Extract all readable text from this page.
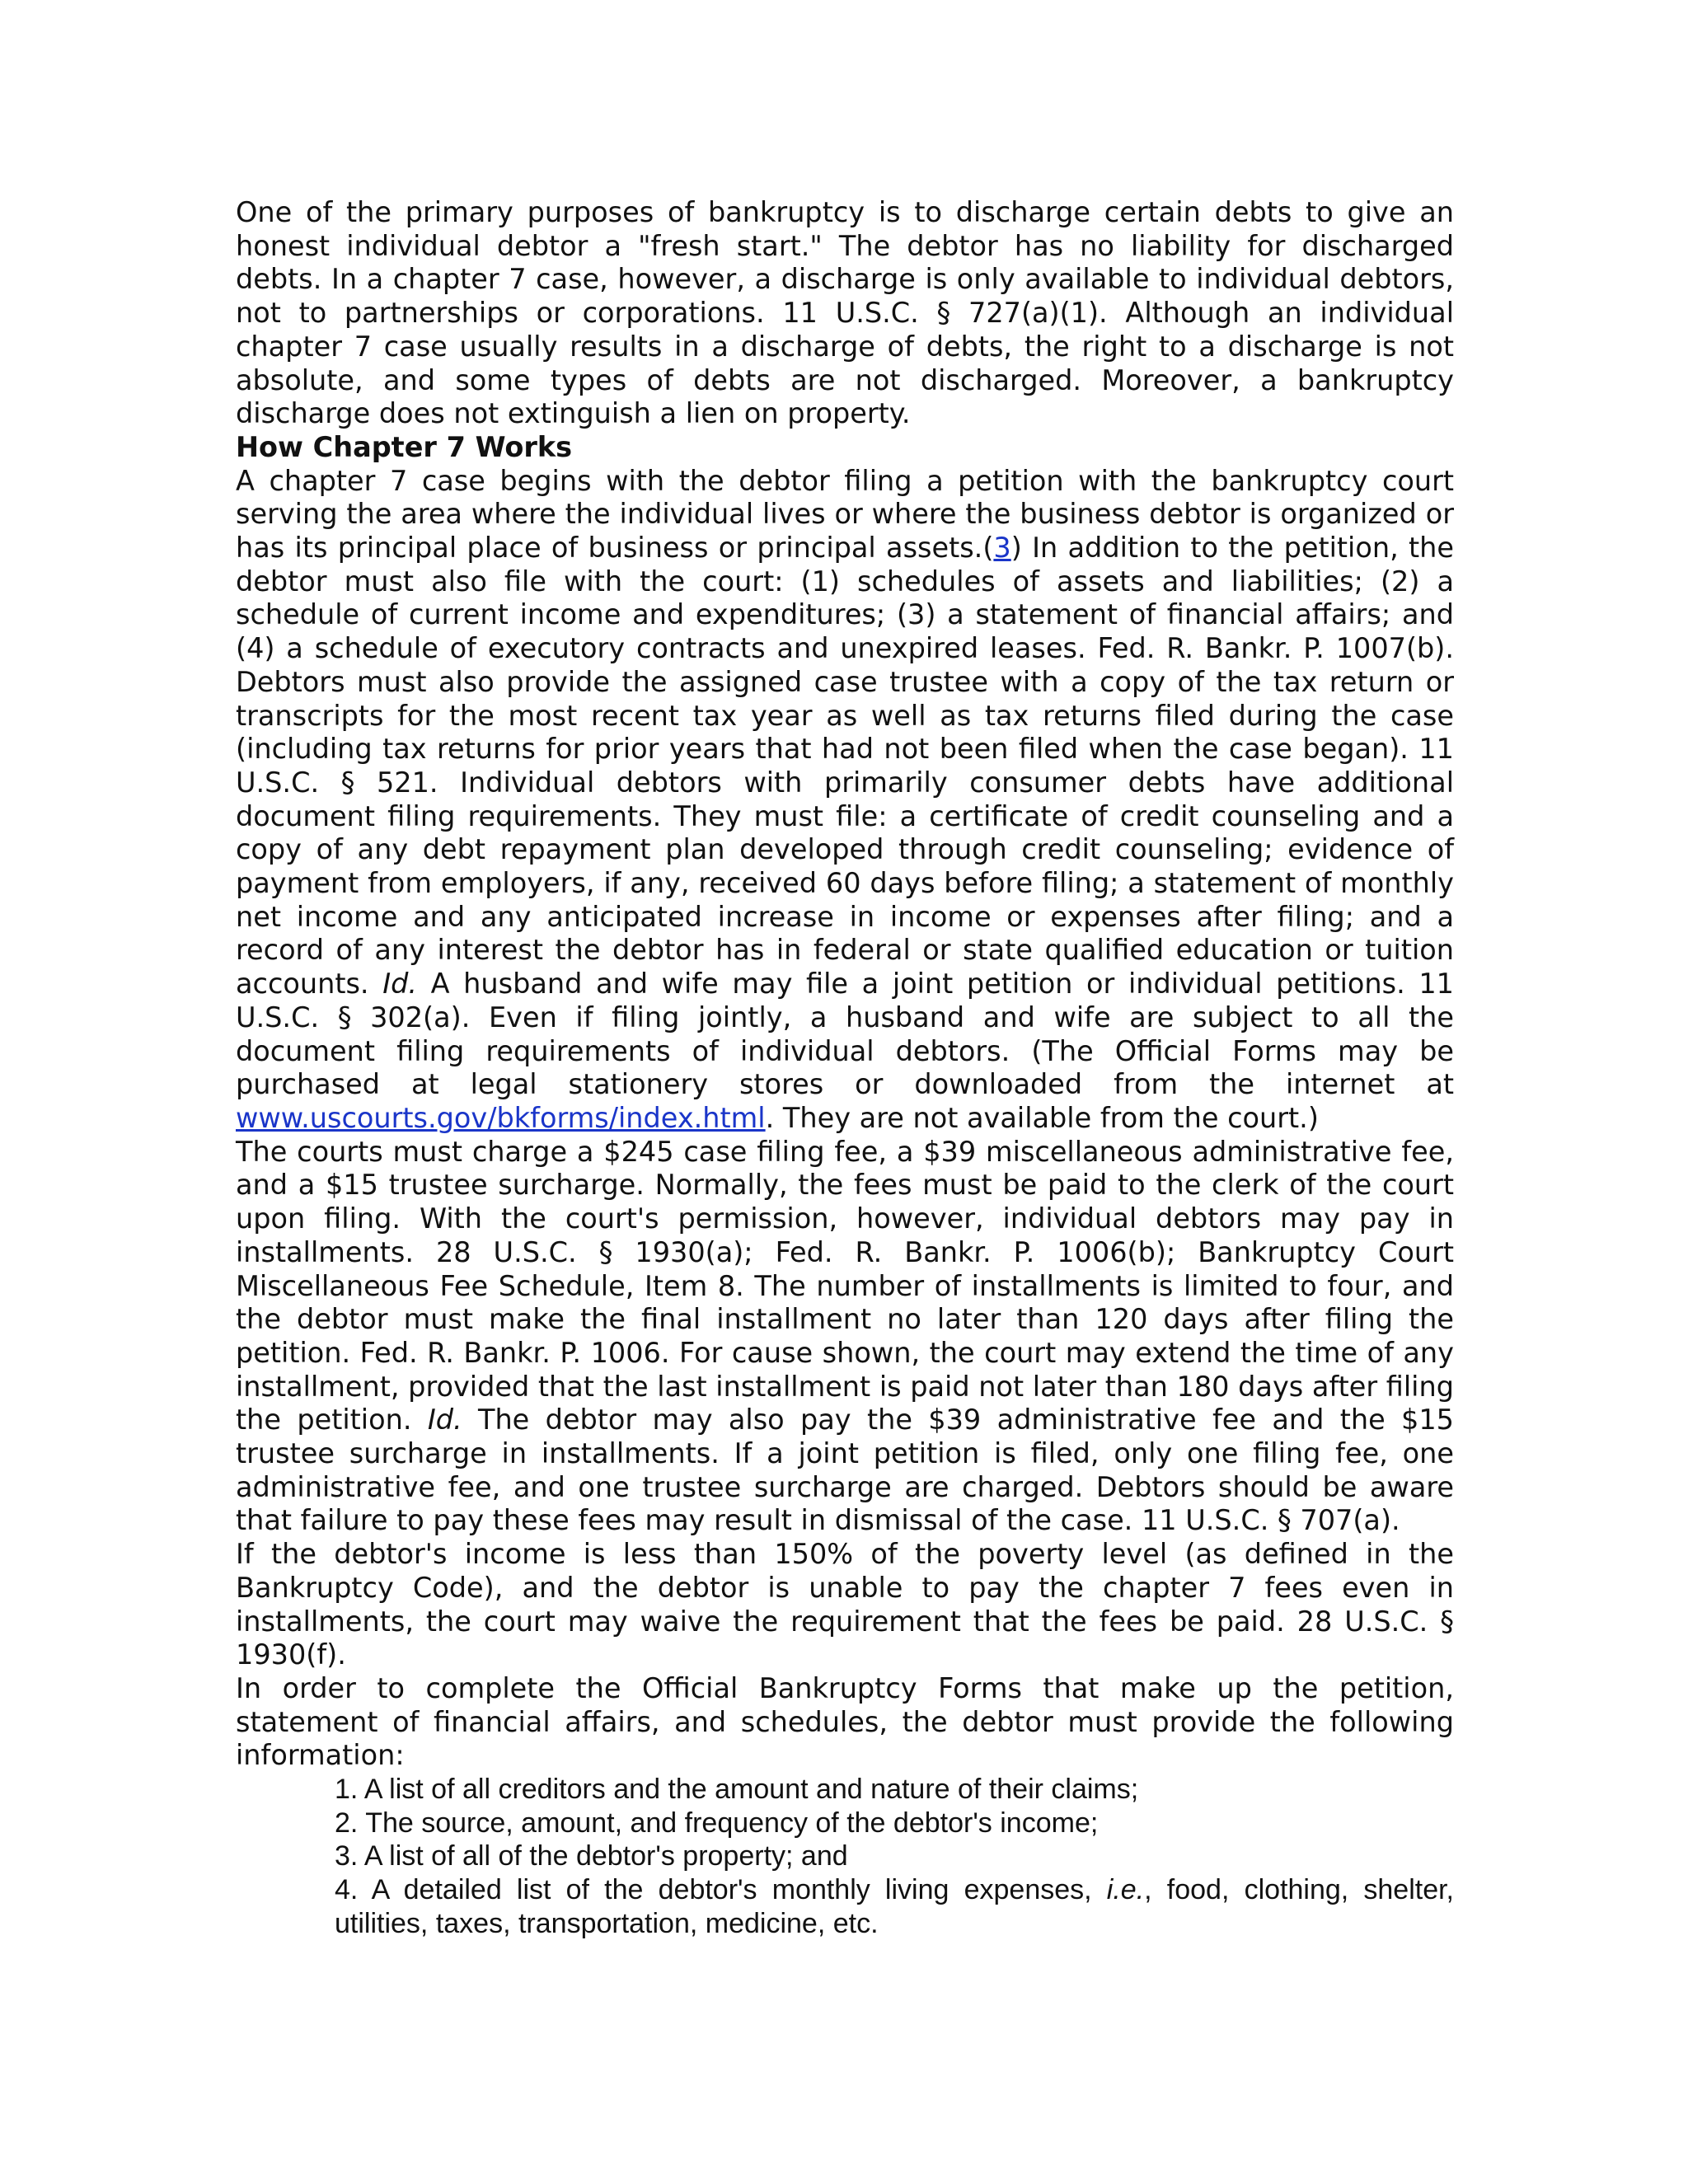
One of the primary purposes of bankruptcy is to discharge certain debts to give an honest individual debtor a "fresh start." The debtor has no liability for discharged debts. In a chapter 7 case, however, a discharge is only available to individual debtors, not to partnerships or corporations. 11 U.S.C. § 727(a)(1). Although an individual chapter 7 case usually results in a discharge of debts, the right to a discharge is not absolute, and some types of debts are not discharged. Moreover, a bankruptcy discharge does not extinguish a lien on property.

How Chapter 7 Works

A chapter 7 case begins with the debtor filing a petition with the bankruptcy court serving the area where the individual lives or where the business debtor is organized or has its principal place of business or principal assets.(3) In addition to the petition, the debtor must also file with the court: (1) schedules of assets and liabilities; (2) a schedule of current income and expenditures; (3) a statement of financial affairs; and (4) a schedule of executory contracts and unexpired leases. Fed. R. Bankr. P. 1007(b). Debtors must also provide the assigned case trustee with a copy of the tax return or transcripts for the most recent tax year as well as tax returns filed during the case (including tax returns for prior years that had not been filed when the case began). 11 U.S.C. § 521. Individual debtors with primarily consumer debts have additional document filing requirements. They must file: a certificate of credit counseling and a copy of any debt repayment plan developed through credit counseling; evidence of payment from employers, if any, received 60 days before filing; a statement of monthly net income and any anticipated increase in income or expenses after filing; and a record of any interest the debtor has in federal or state qualified education or tuition accounts. Id. A husband and wife may file a joint petition or individual petitions. 11 U.S.C. § 302(a). Even if filing jointly, a husband and wife are subject to all the document filing requirements of individual debtors. (The Official Forms may be purchased at legal stationery stores or downloaded from the internet at www.uscourts.gov/bkforms/index.html. They are not available from the court.)

The courts must charge a $245 case filing fee, a $39 miscellaneous administrative fee, and a $15 trustee surcharge. Normally, the fees must be paid to the clerk of the court upon filing. With the court's permission, however, individual debtors may pay in installments. 28 U.S.C. § 1930(a); Fed. R. Bankr. P. 1006(b); Bankruptcy Court Miscellaneous Fee Schedule, Item 8. The number of installments is limited to four, and the debtor must make the final installment no later than 120 days after filing the petition. Fed. R. Bankr. P. 1006. For cause shown, the court may extend the time of any installment, provided that the last installment is paid not later than 180 days after filing the petition. Id. The debtor may also pay the $39 administrative fee and the $15 trustee surcharge in installments. If a joint petition is filed, only one filing fee, one administrative fee, and one trustee surcharge are charged. Debtors should be aware that failure to pay these fees may result in dismissal of the case. 11 U.S.C. § 707(a).

If the debtor's income is less than 150% of the poverty level (as defined in the Bankruptcy Code), and the debtor is unable to pay the chapter 7 fees even in installments, the court may waive the requirement that the fees be paid. 28 U.S.C. § 1930(f).

In order to complete the Official Bankruptcy Forms that make up the petition, statement of financial affairs, and schedules, the debtor must provide the following information:

1. A list of all creditors and the amount and nature of their claims;
2. The source, amount, and frequency of the debtor's income;
3. A list of all of the debtor's property; and
4. A detailed list of the debtor's monthly living expenses, i.e., food, clothing, shelter, utilities, taxes, transportation, medicine, etc.
